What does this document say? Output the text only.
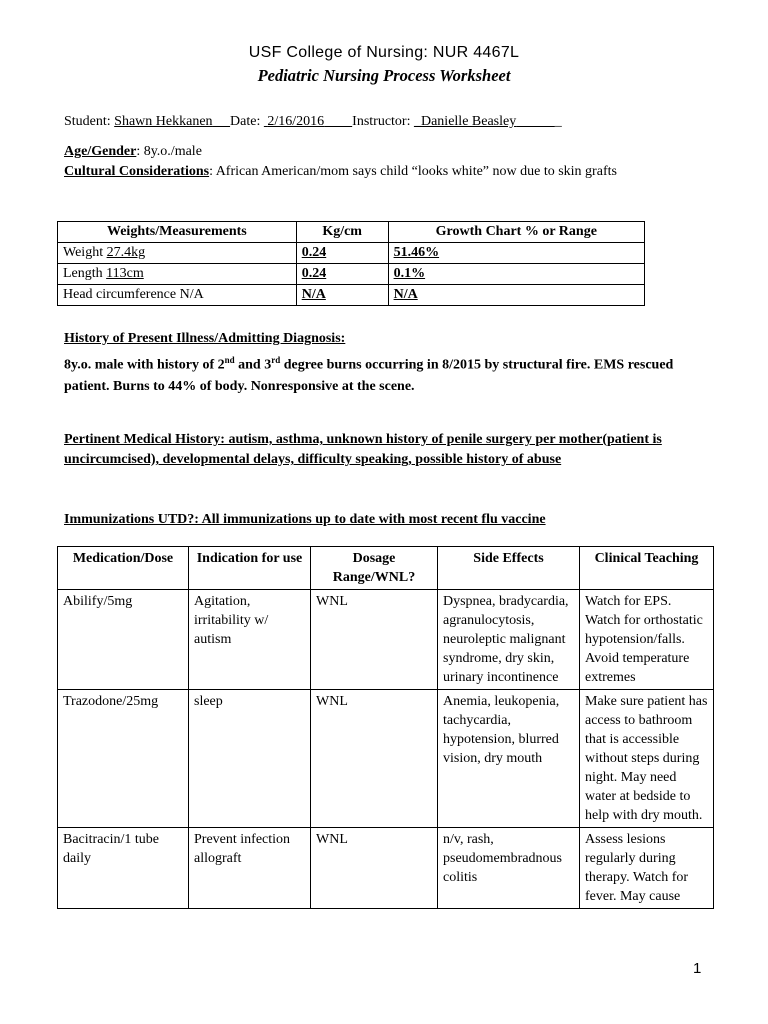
USF College of Nursing: NUR 4467L
Pediatric Nursing Process Worksheet
Student: Shawn Hekkanen Date:  2/16/2016 Instructor: _Danielle Beasley	_
Age/Gender: 8y.o./male
Cultural Considerations: African American/mom says child “looks white” now due to skin grafts
Weights/Measurements	Kg/cm	Growth Chart % or Range
Weight 27.4kg	0.24	51.46%
Length 113cm	0.24	0.1%
Head circumference N/A	N/A	N/A
History of Present Illness/Admitting Diagnosis:
8y.o. male with history of 2nd and 3rd degree burns occurring in 8/2015 by structural fire. EMS rescued patient. Burns to 44% of body. Nonresponsive at the scene.
Pertinent Medical History: autism, asthma, unknown history of penile surgery per mother(patient is uncircumcised), developmental delays, difficulty speaking, possible history of abuse
Immunizations UTD?: All immunizations up to date with most recent flu vaccine
Medication/Dose	Indication for use	Dosage Range/WNL?	Side Effects	Clinical Teaching
Abilify/5mg	Agitation, irritability w/ autism	WNL	Dyspnea, bradycardia, agranulocytosis, neuroleptic malignant syndrome, dry skin, urinary incontinence	Watch for EPS. Watch for orthostatic hypotension/falls. Avoid temperature extremes
Trazodone/25mg	sleep	WNL	Anemia, leukopenia, tachycardia, hypotension, blurred vision, dry mouth	Make sure patient has access to bathroom that is accessible without steps during night. May need water at bedside to help with dry mouth.
Bacitracin/1 tube daily	Prevent infection allograft	WNL	n/v, rash, pseudomembradnous colitis	Assess lesions regularly during therapy. Watch for fever. May cause
1
